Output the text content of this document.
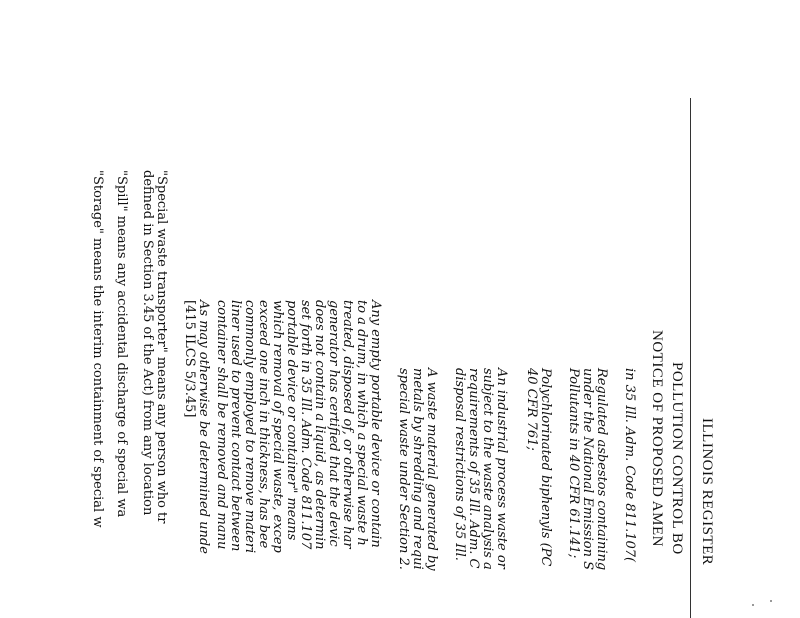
ILLINOIS REGISTER
POLLUTION CONTROL BO
NOTICE OF PROPOSED AMEN
in 35 Ill. Adm. Code 811.107(
Regulated asbestos containing
under the National Emission S
Pollutants in 40 CFR 61.141;
Polychlorinated biphenyls (PC
40 CFR 761;
An industrial process waste or
subject to the waste analysis a
requirements of 35 Ill. Adm. C
disposal restrictions of 35 Ill.
A waste material generated by
metals by shredding and requi
special waste under Section 2.
Any empty portable device or contain
to a drum, in which a special waste h
treated, disposed of, or otherwise har
generator has certified that the devic
does not contain a liquid, as determin
set forth in 35 Ill. Adm. Code 811.107
portable device or container" means
which removal of special waste, excep
exceed one inch in thickness, has bee
commonly employed to remove materi
liner used to prevent contact between
container shall be removed and manu
As may otherwise be determined unde
[415 ILCS 5/3.45]
"Special waste transporter" means any person who tr
defined in Section 3.45 of the Act) from any location
"Spill" means any accidental discharge of special wa
"Storage" means the interim containment of special w
